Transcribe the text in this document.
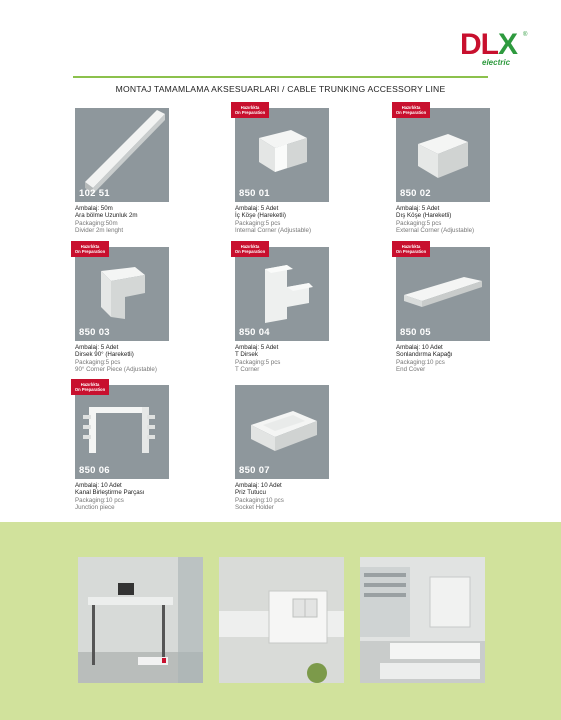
DLX ®
electric
MONTAJ TAMAMLAMA AKSESUARLARI / CABLE TRUNKING ACCESSORY LINE
102 51
Ambalaj: 50m
Ara bölme Uzunluk 2m
Packaging:50m
Divider 2m lenght
850 01
Hazırlıkta
On Preparation
Ambalaj: 5 Adet
İç Köşe (Hareketli)
Packaging:5 pcs
Internal Corner (Adjustable)
850 02
Hazırlıkta
On Preparation
Ambalaj: 5 Adet
Dış Köşe (Hareketli)
Packaging:5 pcs
External Corner (Adjustable)
850 03
Hazırlıkta
On Preparation
Ambalaj: 5 Adet
Dirsek 90° (Hareketli)
Packaging:5 pcs
90° Corner Piece (Adjustable)
850 04
Hazırlıkta
On Preparation
Ambalaj: 5 Adet
T Dirsek
Packaging:5 pcs
T Corner
850 05
Hazırlıkta
On Preparation
Ambalaj: 10 Adet
Sonlandırma Kapağı
Packaging:10 pcs
End Cover
850 06
Hazırlıkta
On Preparation
Ambalaj: 10 Adet
Kanal Birleştirme Parçası
Packaging:10 pcs
Junction piece
850 07
Ambalaj: 10 Adet
Priz Tutucu
Packaging:10 pcs
Socket Holder
